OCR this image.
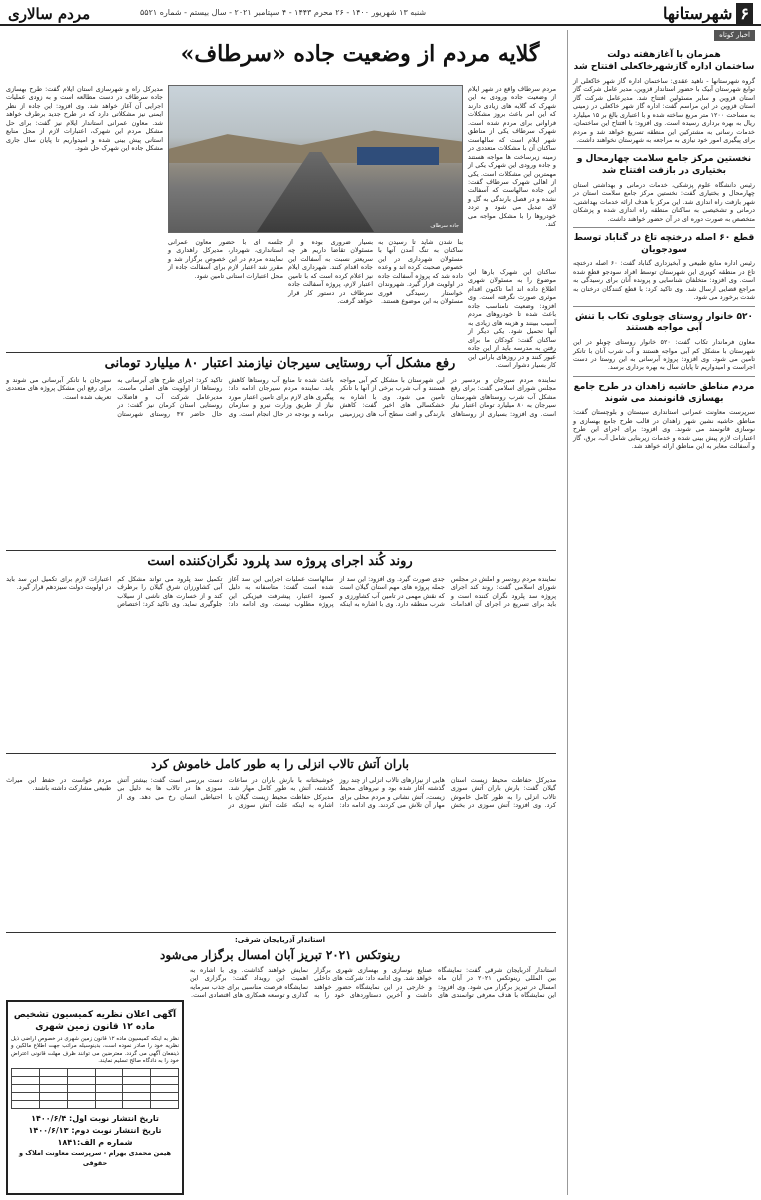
۶شهرستانها
شنبه ۱۳ شهریور ۱۴۰۰ - ۲۶ محرم ۱۴۴۳ - ۴ سپتامبر ۲۰۲۱ - سال بیستم - شماره ۵۵۲۱
مردم سالاری
اخبار کوتاه
همزمان با آغازهفته دولت
ساختمان اداره گازشهرخاکعلی افتتاح شد

گروه شهرستانها - ناهید عقدی: ساختمان اداره گاز شهر خاکعلی از توابع شهرستان آبیک با حضور استاندار قزوین، مدیر عامل شرکت گاز استان قزوین و سایر مسئولین افتتاح شد. مدیرعامل شرکت گاز استان قزوین در این مراسم گفت: اداره گاز شهر خاکعلی در زمینی به مساحت ۱۲۰۰ متر مربع ساخته شده و با اعتباری بالغ بر ۱۵ میلیارد ریال به بهره برداری رسیده است. وی افزود: با افتتاح این ساختمان، خدمات رسانی به مشترکین این منطقه تسریع خواهد شد و مردم برای پیگیری امور خود نیازی به مراجعه به شهرستان نخواهند داشت.

نخستین مرکز جامع سلامت چهارمحال و بختیاری در بازفت افتتاح شد

رئیس دانشگاه علوم پزشکی، خدمات درمانی و بهداشتی استان چهارمحال و بختیاری گفت: نخستین مرکز جامع سلامت استان در شهر بازفت راه اندازی شد. این مرکز با هدف ارائه خدمات بهداشتی، درمانی و تشخیصی به ساکنان منطقه راه اندازی شده و پزشکان متخصص به صورت دوره ای در آن حضور خواهند داشت.

قطع ۶۰ اصله درختچه تاغ در گناباد توسط سودجویان

رئیس اداره منابع طبیعی و آبخیزداری گناباد گفت: ۶۰ اصله درختچه تاغ در منطقه کویری این شهرستان توسط افراد سودجو قطع شده است. وی افزود: متخلفان شناسایی و پرونده آنان برای رسیدگی به مراجع قضایی ارسال شد. وی تاکید کرد: با قطع کنندگان درختان به شدت برخورد می شود.

۵۲۰ خانوار روستای چوبلوی تکاب با تنش آبی مواجه هستند

معاون فرماندار تکاب گفت: ۵۲۰ خانوار روستای چوبلو در این شهرستان با مشکل کم آبی مواجه هستند و آب شرب آنان با تانکر تامین می شود. وی افزود: پروژه آبرسانی به این روستا در دست اجراست و امیدواریم تا پایان سال به بهره برداری برسد.

مردم مناطق حاشیه زاهدان در طرح جامع بهسازی قانونمند می شوند

سرپرست معاونت عمرانی استانداری سیستان و بلوچستان گفت: مناطق حاشیه نشین شهر زاهدان در قالب طرح جامع بهسازی و نوسازی قانونمند می شوند. وی افزود: برای اجرای این طرح اعتبارات لازم پیش بینی شده و خدمات زیربنایی شامل آب، برق، گاز و آسفالت معابر به این مناطق ارائه خواهد شد.

گلایه مردم از وضعیت جاده «سرطاف»

مردم سرطاف واقع در شهر ایلام از وضعیت جاده ورودی به این شهرک که گلایه های زیادی دارند که این امر باعث بروز مشکلات فراوانی برای مردم شده است. شهرک سرطاف یکی از مناطق شهر ایلام است که سالهاست ساکنان آن با مشکلات متعددی در زمینه زیرساخت ها مواجه هستند و جاده ورودی این شهرک یکی از مهمترین این مشکلات است. یکی از اهالی شهرک سرطاف گفت: این جاده سالهاست که آسفالت نشده و در فصل بارندگی به گل و لای تبدیل می شود و تردد خودروها را با مشکل مواجه می کند.

جاده سرطاف

مدیرکل راه و شهرسازی استان ایلام گفت: طرح بهسازی جاده سرطاف در دست مطالعه است و به زودی عملیات اجرایی آن آغاز خواهد شد. وی افزود: این جاده از نظر ایمنی نیز مشکلاتی دارد که در طرح جدید برطرف خواهد شد. معاون عمرانی استاندار ایلام نیز گفت: برای حل مشکل مردم این شهرک، اعتبارات لازم از محل منابع استانی پیش بینی شده و امیدواریم تا پایان سال جاری مشکل جاده این شهرک حل شود.

ساکنان این شهرک بارها این موضوع را به مسئولان شهری اطلاع داده اند اما تاکنون اقدام موثری صورت نگرفته است. وی افزود: وضعیت نامناسب جاده باعث شده تا خودروهای مردم آسیب ببینند و هزینه های زیادی به آنها تحمیل شود. یکی دیگر از ساکنان گفت: کودکان ما برای رفتن به مدرسه باید از این جاده عبور کنند و در روزهای بارانی این کار بسیار دشوار است.

بنا شدن شاید تا رسیدن به ساکنان به تنگ آمدن آنها با مسئولان شهرداری در این خصوص صحبت کرده اند و وعده داده شد که پروژه آسفالت جاده در اولویت قرار گیرد. شهروندان خواستار رسیدگی فوری مسئولان به این موضوع هستند.

بسیار ضروری بوده و از مسئولان تقاضا داریم هر چه سریعتر نسبت به آسفالت این جاده اقدام کنند. شهرداری ایلام نیز اعلام کرده است که با تامین اعتبار لازم، پروژه آسفالت جاده سرطاف در دستور کار قرار خواهد گرفت.

جلسه ای با حضور معاون عمرانی استانداری، شهردار، مدیرکل راهداری و نماینده مردم در این خصوص برگزار شد و مقرر شد اعتبار لازم برای آسفالت جاده از محل اعتبارات استانی تامین شود.

رفع مشکل آب روستایی سیرجان نیازمند اعتبار ۸۰ میلیارد تومانی

نماینده مردم سیرجان و بردسیر در مجلس شورای اسلامی گفت: برای رفع مشکل آب شرب روستاهای شهرستان سیرجان به ۸۰ میلیارد تومان اعتبار نیاز است. وی افزود: بسیاری از روستاهای این شهرستان با مشکل کم آبی مواجه هستند و آب شرب برخی از آنها با تانکر تامین می شود. وی با اشاره به خشکسالی های اخیر گفت: کاهش بارندگی و افت سطح آب های زیرزمینی باعث شده تا منابع آب روستاها کاهش یابد. نماینده مردم سیرجان ادامه داد: پیگیری های لازم برای تامین اعتبار مورد نیاز از طریق وزارت نیرو و سازمان برنامه و بودجه در حال انجام است. وی تاکید کرد: اجرای طرح های آبرسانی به روستاها از اولویت های اصلی ماست. مدیرعامل شرکت آب و فاضلاب روستایی استان کرمان نیز گفت: در حال حاضر ۴۷ روستای شهرستان سیرجان با تانکر آبرسانی می شوند و برای رفع این مشکل پروژه های متعددی تعریف شده است.

روند کُند اجرای پروژه سد پلرود نگران‌کننده است

نماینده مردم رودسر و املش در مجلس شورای اسلامی گفت: روند کند اجرای پروژه سد پلرود نگران کننده است و باید برای تسریع در اجرای آن اقدامات جدی صورت گیرد. وی افزود: این سد از جمله پروژه های مهم استان گیلان است که نقش مهمی در تامین آب کشاورزی و شرب منطقه دارد. وی با اشاره به اینکه سالهاست عملیات اجرایی این سد آغاز شده است گفت: متاسفانه به دلیل کمبود اعتبار، پیشرفت فیزیکی این پروژه مطلوب نیست. وی ادامه داد: تکمیل سد پلرود می تواند مشکل کم آبی کشاورزان شرق گیلان را برطرف کند و از خسارت های ناشی از سیلاب جلوگیری نماید. وی تاکید کرد: اختصاص اعتبارات لازم برای تکمیل این سد باید در اولویت دولت سیزدهم قرار گیرد.

باران آتش تالاب انزلی را به طور کامل خاموش کرد

مدیرکل حفاظت محیط زیست استان گیلان گفت: بارش باران آتش سوزی تالاب انزلی را به طور کامل خاموش کرد. وی افزود: آتش سوزی در بخش هایی از نیزارهای تالاب انزلی از چند روز گذشته آغاز شده بود و نیروهای محیط زیست، آتش نشانی و مردم محلی برای مهار آن تلاش می کردند. وی ادامه داد: خوشبختانه با بارش باران در ساعات گذشته، آتش به طور کامل مهار شد. مدیرکل حفاظت محیط زیست گیلان با اشاره به اینکه علت آتش سوزی در دست بررسی است گفت: بیشتر آتش سوزی ها در تالاب ها به دلیل بی احتیاطی انسان رخ می دهد. وی از مردم خواست در حفظ این میراث طبیعی مشارکت داشته باشند.

استاندار آذربایجان شرقی:
رینوتکس ۲۰۲۱ تبریز آبان امسال برگزار می‌شود

استاندار آذربایجان شرقی گفت: نمایشگاه بین المللی رینوتکس ۲۰۲۱ در آبان ماه امسال در تبریز برگزار می شود. وی افزود: این نمایشگاه با هدف معرفی توانمندی های صنایع نوسازی و بهسازی شهری برگزار خواهد شد. وی ادامه داد: شرکت های داخلی و خارجی در این نمایشگاه حضور خواهند داشت و آخرین دستاوردهای خود را به نمایش خواهند گذاشت. وی با اشاره به اهمیت این رویداد گفت: برگزاری این نمایشگاه فرصت مناسبی برای جذب سرمایه گذاری و توسعه همکاری های اقتصادی است.

آگهی اعلان نظریه کمیسیون تشخیص ماده ۱۲ قانون زمین شهری

نظر به اینکه کمیسیون ماده ۱۲ قانون زمین شهری در خصوص اراضی ذیل نظریه خود را صادر نموده است، بدینوسیله مراتب جهت اطلاع مالکین و ذینفعان آگهی می گردد. معترضین می توانند ظرف مهلت قانونی اعتراض خود را به دادگاه صالح تسلیم نمایند.

تاریخ انتشار نوبت اول: ۱۴۰۰/۶/۴
تاریخ انتشار نوبت دوم: ۱۴۰۰/۶/۱۳
شماره م الف:۱۸۴۱
هیمن محمدی بهرام - سرپرست معاونت املاک و حقوقی
